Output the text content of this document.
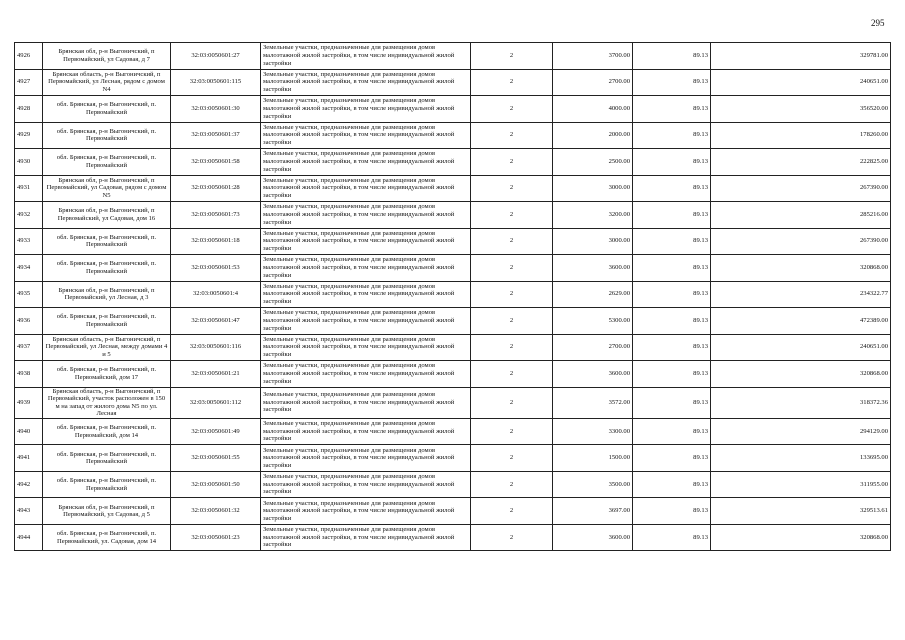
295
4926	Брянская обл, р-н Выгоничский, п Первомайский, ул Садовая, д 7	32:03:0050601:27	Земельные участки, предназначенные для размещения домов малоэтажной жилой застройки, в том числе индивидуальной жилой застройки	2	3700.00	89.13	329781.00
4927	Брянская область, р-н Выгоничский, п Первомайский, ул Лесная, рядом с домом N4	32:03:0050601:115	Земельные участки, предназначенные для размещения домов малоэтажной жилой застройки, в том числе индивидуальной жилой застройки	2	2700.00	89.13	240651.00
4928	обл. Брянская, р-н Выгоничский, п. Первомайский	32:03:0050601:30	Земельные участки, предназначенные для размещения домов малоэтажной жилой застройки, в том числе индивидуальной жилой застройки	2	4000.00	89.13	356520.00
4929	обл. Брянская, р-н Выгоничский, п. Первомайский	32:03:0050601:37	Земельные участки, предназначенные для размещения домов малоэтажной жилой застройки, в том числе индивидуальной жилой застройки	2	2000.00	89.13	178260.00
4930	обл. Брянская, р-н Выгоничский, п. Первомайский	32:03:0050601:58	Земельные участки, предназначенные для размещения домов малоэтажной жилой застройки, в том числе индивидуальной жилой застройки	2	2500.00	89.13	222825.00
4931	Брянская обл, р-н Выгоничский, п Первомайский, ул Садовая, рядом с домом N5	32:03:0050601:28	Земельные участки, предназначенные для размещения домов малоэтажной жилой застройки, в том числе индивидуальной жилой застройки	2	3000.00	89.13	267390.00
4932	Брянская обл, р-н Выгоничский, п Первомайский, ул Садовая, дом 16	32:03:0050601:73	Земельные участки, предназначенные для размещения домов малоэтажной жилой застройки, в том числе индивидуальной жилой застройки	2	3200.00	89.13	285216.00
4933	обл. Брянская, р-н Выгоничский, п. Первомайский	32:03:0050601:18	Земельные участки, предназначенные для размещения домов малоэтажной жилой застройки, в том числе индивидуальной жилой застройки	2	3000.00	89.13	267390.00
4934	обл. Брянская, р-н Выгоничский, п. Первомайский	32:03:0050601:53	Земельные участки, предназначенные для размещения домов малоэтажной жилой застройки, в том числе индивидуальной жилой застройки	2	3600.00	89.13	320868.00
4935	Брянская обл, р-н Выгоничский, п Первомайский, ул Лесная, д 3	32:03:0050601:4	Земельные участки, предназначенные для размещения домов малоэтажной жилой застройки, в том числе индивидуальной жилой застройки	2	2629.00	89.13	234322.77
4936	обл. Брянская, р-н Выгоничский, п. Первомайский	32:03:0050601:47	Земельные участки, предназначенные для размещения домов малоэтажной жилой застройки, в том числе индивидуальной жилой застройки	2	5300.00	89.13	472389.00
4937	Брянская область, р-н Выгоничский, п Первомайский, ул Лесная, между домами 4 и 5	32:03:0050601:116	Земельные участки, предназначенные для размещения домов малоэтажной жилой застройки, в том числе индивидуальной жилой застройки	2	2700.00	89.13	240651.00
4938	обл. Брянская, р-н Выгоничский, п. Первомайский, дом 17	32:03:0050601:21	Земельные участки, предназначенные для размещения домов малоэтажной жилой застройки, в том числе индивидуальной жилой застройки	2	3600.00	89.13	320868.00
4939	Брянская область, р-н Выгоничский, п Первомайский, участок расположен в 150 м на запад от жилого дома N5 по ул. Лесная	32:03:0050601:112	Земельные участки, предназначенные для размещения домов малоэтажной жилой застройки, в том числе индивидуальной жилой застройки	2	3572.00	89.13	318372.36
4940	обл. Брянская, р-н Выгоничский, п. Первомайский, дом 14	32:03:0050601:49	Земельные участки, предназначенные для размещения домов малоэтажной жилой застройки, в том числе индивидуальной жилой застройки	2	3300.00	89.13	294129.00
4941	обл. Брянская, р-н Выгоничский, п. Первомайский	32:03:0050601:55	Земельные участки, предназначенные для размещения домов малоэтажной жилой застройки, в том числе индивидуальной жилой застройки	2	1500.00	89.13	133695.00
4942	обл. Брянская, р-н Выгоничский, п. Первомайский	32:03:0050601:50	Земельные участки, предназначенные для размещения домов малоэтажной жилой застройки, в том числе индивидуальной жилой застройки	2	3500.00	89.13	311955.00
4943	Брянская обл, р-н Выгоничский, п Первомайский, ул Садовая, д 5	32:03:0050601:32	Земельные участки, предназначенные для размещения домов малоэтажной жилой застройки, в том числе индивидуальной жилой застройки	2	3697.00	89.13	329513.61
4944	обл. Брянская, р-н Выгоничский, п. Первомайский, ул. Садовая, дом 14	32:03:0050601:23	Земельные участки, предназначенные для размещения домов малоэтажной жилой застройки, в том числе индивидуальной жилой застройки	2	3600.00	89.13	320868.00
